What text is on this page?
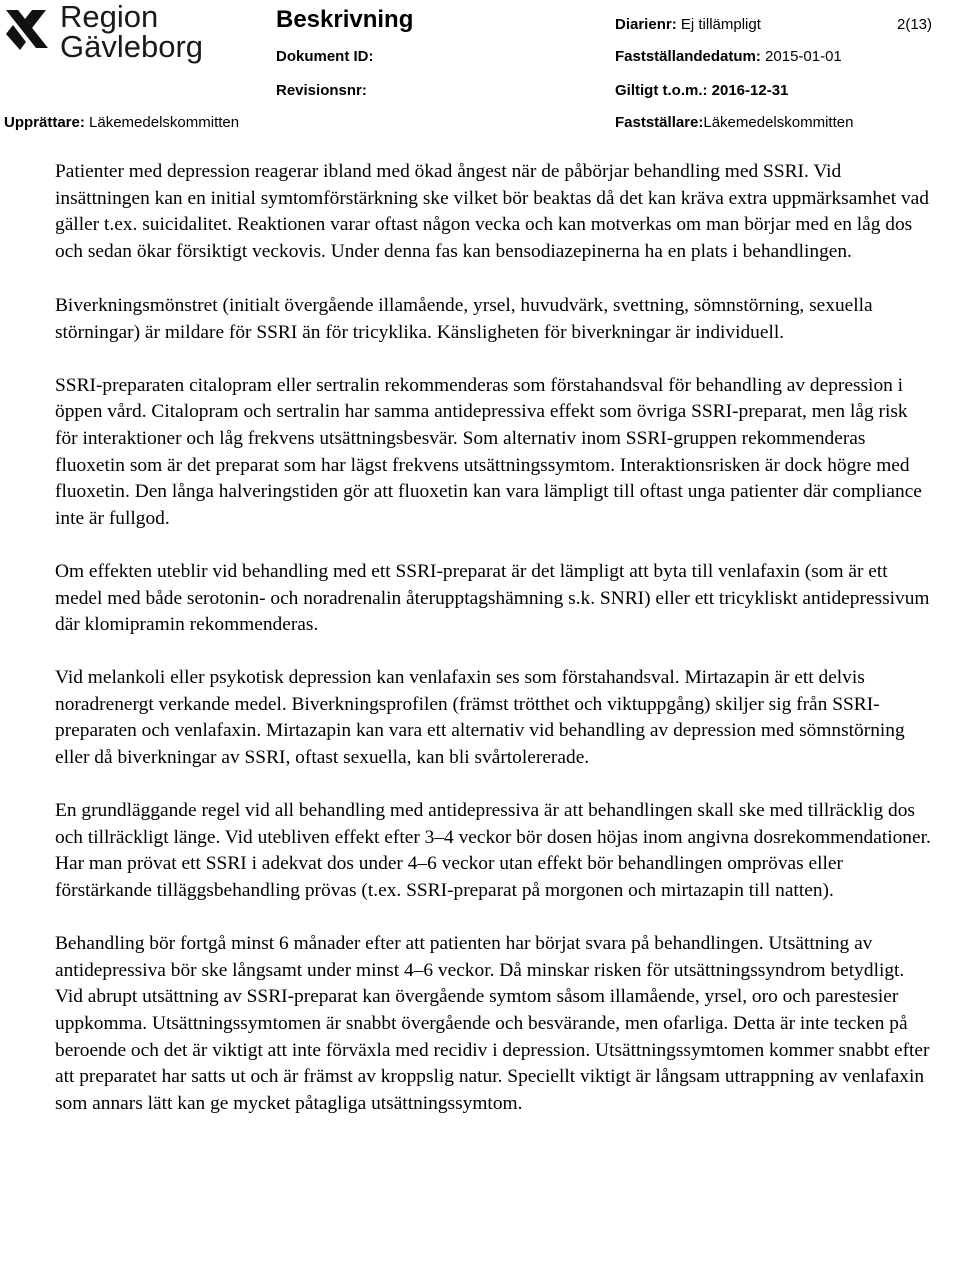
Region
Gävleborg
Beskrivning	Diarienr: Ej tillämpligt	2(13)
Dokument ID:	Fastställandedatum: 2015-01-01
Revisionsnr:	Giltigt t.o.m.: 2016-12-31
Upprättare: Läkemedelskommitten	Fastställare:Läkemedelskommitten

Patienter med depression reagerar ibland med ökad ångest när de påbörjar behandling med SSRI. Vid insättningen kan en initial symtomförstärkning ske vilket bör beaktas då det kan kräva extra uppmärksamhet vad gäller t.ex. suicidalitet. Reaktionen varar oftast någon vecka och kan motverkas om man börjar med en låg dos och sedan ökar försiktigt veckovis. Under denna fas kan bensodiazepinerna ha en plats i behandlingen.

Biverkningsmönstret (initialt övergående illamående, yrsel, huvudvärk, svettning, sömnstörning, sexuella störningar) är mildare för SSRI än för tricyklika. Känsligheten för biverkningar är individuell.

SSRI-preparaten citalopram eller sertralin rekommenderas som förstahandsval för behandling av depression i öppen vård. Citalopram och sertralin har samma antidepressiva effekt som övriga SSRI-preparat, men låg risk för interaktioner och låg frekvens utsättningsbesvär. Som alternativ inom SSRI-gruppen rekommenderas fluoxetin som är det preparat som har lägst frekvens utsättningssymtom. Interaktionsrisken är dock högre med fluoxetin. Den långa halveringstiden gör att fluoxetin kan vara lämpligt till oftast unga patienter där compliance inte är fullgod.

Om effekten uteblir vid behandling med ett SSRI-preparat är det lämpligt att byta till venlafaxin (som är ett medel med både serotonin- och noradrenalin återupptagshämning s.k. SNRI) eller ett tricykliskt antidepressivum där klomipramin rekommenderas.

Vid melankoli eller psykotisk depression kan venlafaxin ses som förstahandsval. Mirtazapin är ett delvis noradrenergt verkande medel. Biverkningsprofilen (främst trötthet och viktuppgång) skiljer sig från SSRI-preparaten och venlafaxin. Mirtazapin kan vara ett alternativ vid behandling av depression med sömnstörning eller då biverkningar av SSRI, oftast sexuella, kan bli svårtolererade.

En grundläggande regel vid all behandling med antidepressiva är att behandlingen skall ske med tillräcklig dos och tillräckligt länge. Vid utebliven effekt efter 3–4 veckor bör dosen höjas inom angivna dosrekommendationer. Har man prövat ett SSRI i adekvat dos under 4–6 veckor utan effekt bör behandlingen omprövas eller förstärkande tilläggsbehandling prövas (t.ex. SSRI-preparat på morgonen och mirtazapin till natten).

Behandling bör fortgå minst 6 månader efter att patienten har börjat svara på behandlingen. Utsättning av antidepressiva bör ske långsamt under minst 4–6 veckor. Då minskar risken för utsättningssyndrom betydligt. Vid abrupt utsättning av SSRI-preparat kan övergående symtom såsom illamående, yrsel, oro och parestesier uppkomma. Utsättningssymtomen är snabbt övergående och besvärande, men ofarliga. Detta är inte tecken på beroende och det är viktigt att inte förväxla med recidiv i depression. Utsättningssymtomen kommer snabbt efter att preparatet har satts ut och är främst av kroppslig natur. Speciellt viktigt är långsam uttrappning av venlafaxin som annars lätt kan ge mycket påtagliga utsättningssymtom.
